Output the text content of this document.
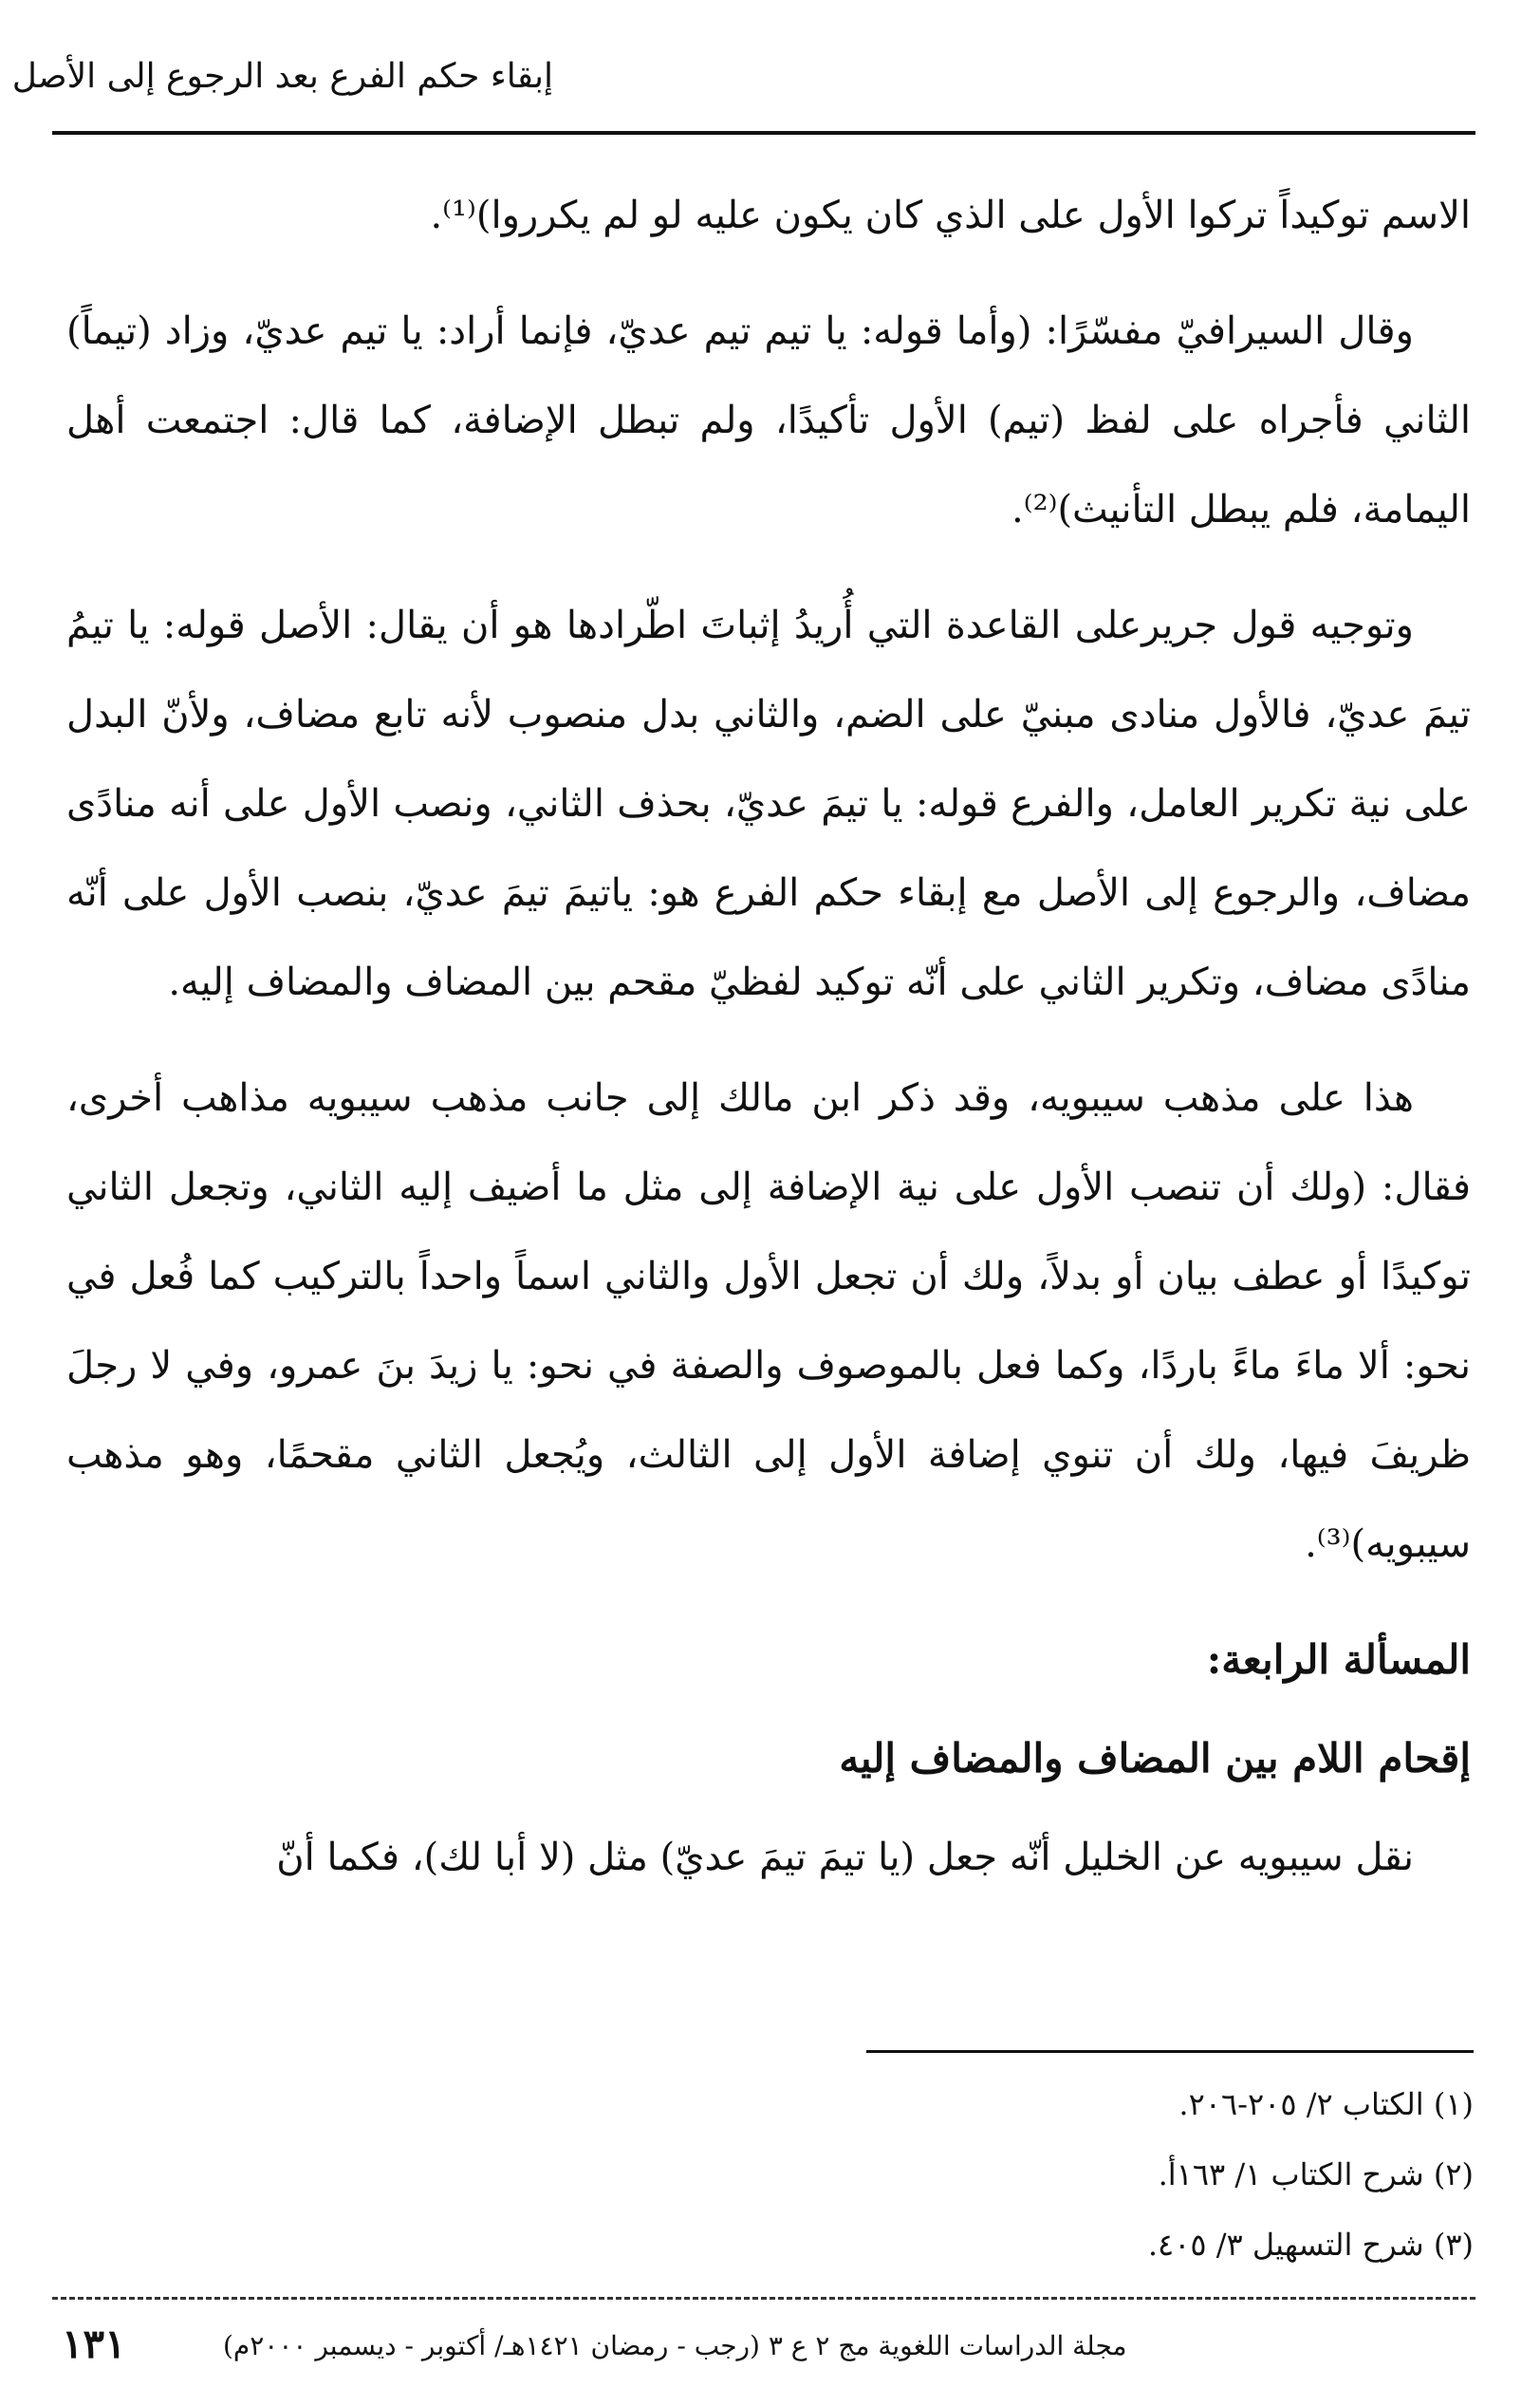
إبقاء حكم الفرع بعد الرجوع إلى الأصل

الاسم توكيداً تركوا الأول على الذي كان يكون عليه لو لم يكرروا)⁽¹⁾.

وقال السيرافيّ مفسّرًا: (وأما قوله: يا تيم تيم عديّ، فإنما أراد: يا تيم عديّ، وزاد (تيماً) الثاني فأجراه على لفظ (تيم) الأول تأكيدًا، ولم تبطل الإضافة، كما قال: اجتمعت أهل اليمامة، فلم يبطل التأنيث)⁽²⁾.

وتوجيه قول جريرعلى القاعدة التي أُريدُ إثباتَ اطّرادها هو أن يقال: الأصل قوله: يا تيمُ تيمَ عديّ، فالأول منادى مبنيّ على الضم، والثاني بدل منصوب لأنه تابع مضاف، ولأنّ البدل على نية تكرير العامل، والفرع قوله: يا تيمَ عديّ، بحذف الثاني، ونصب الأول على أنه منادًى مضاف، والرجوع إلى الأصل مع إبقاء حكم الفرع هو: ياتيمَ تيمَ عديّ، بنصب الأول على أنّه منادًى مضاف، وتكرير الثاني على أنّه توكيد لفظيّ مقحم بين المضاف والمضاف إليه.

هذا على مذهب سيبويه، وقد ذكر ابن مالك إلى جانب مذهب سيبويه مذاهب أخرى، فقال: (ولك أن تنصب الأول على نية الإضافة إلى مثل ما أضيف إليه الثاني، وتجعل الثاني توكيدًا أو عطف بيان أو بدلاً، ولك أن تجعل الأول والثاني اسماً واحداً بالتركيب كما فُعل في نحو: ألا ماءَ ماءً باردًا، وكما فعل بالموصوف والصفة في نحو: يا زيدَ بنَ عمرو، وفي لا رجلَ ظريفَ فيها، ولك أن تنوي إضافة الأول إلى الثالث، ويُجعل الثاني مقحمًا، وهو مذهب سيبويه)⁽³⁾.

المسألة الرابعة:
إقحام اللام بين المضاف والمضاف إليه

نقل سيبويه عن الخليل أنّه جعل (يا تيمَ تيمَ عديّ) مثل (لا أبا لك)، فكما أنّ

(١) الكتاب ٢/ ٢٠٥-٢٠٦.
(٢) شرح الكتاب ١/ ١٦٣أ.
(٣) شرح التسهيل ٣/ ٤٠٥.
١٣١	مجلة الدراسات اللغوية مج ٢ ع ٣ (رجب - رمضان ١٤٢١هـ/ أكتوبر - ديسمبر ٢٠٠٠م)
